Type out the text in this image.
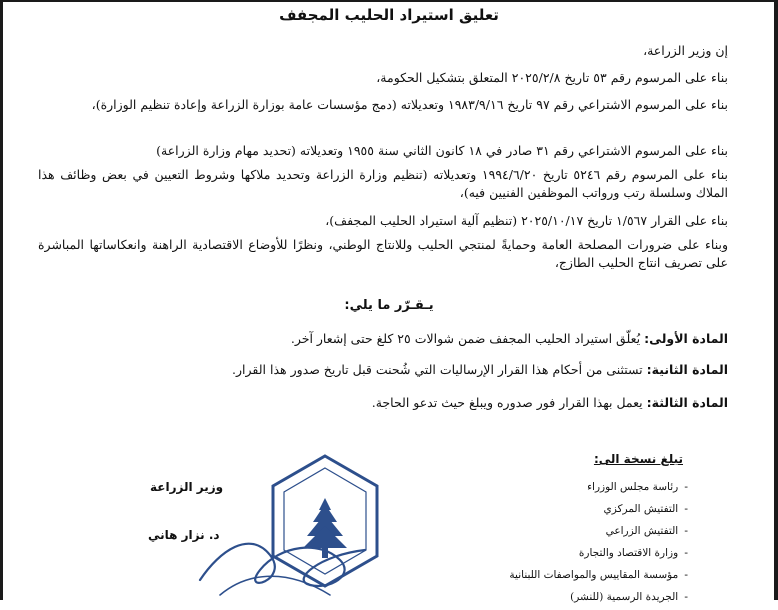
تعليق استيراد الحليب المجفف
إن وزير الزراعة،
بناء على المرسوم رقم ٥٣ تاريخ ٢٠٢٥/٢/٨ المتعلق بتشكيل الحكومة،
بناء على المرسوم الاشتراعي رقم ٩٧ تاريخ ١٩٨٣/٩/١٦ وتعديلاته (دمج مؤسسات عامة بوزارة الزراعة وإعادة تنظيم الوزارة)،
بناء على المرسوم الاشتراعي رقم ٣١ صادر في ١٨ كانون الثاني سنة ١٩٥٥ وتعديلاته (تحديد مهام وزارة الزراعة)
بناء على المرسوم رقم ٥٢٤٦ تاريخ ١٩٩٤/٦/٢٠ وتعديلاته (تنظيم وزارة الزراعة وتحديد ملاكها وشروط التعيين في بعض وظائف هذا الملاك وسلسلة رتب ورواتب الموظفين الفنيين فيه)،
بناء على القرار ١/٥٦٧ تاريخ ٢٠٢٥/١٠/١٧ (تنظيم آلية استيراد الحليب المجفف)،
وبناء على ضرورات المصلحة العامة وحمايةً لمنتجي الحليب وللانتاج الوطني، ونظرًا للأوضاع الاقتصادية الراهنة وانعكاساتها المباشرة على تصريف انتاج الحليب الطازج،
يـقـرّر ما يلي:
المادة الأولى: يُعلّق استيراد الحليب المجفف ضمن شوالات ٢٥ كلغ حتى إشعار آخر.
المادة الثانية: تستثنى من أحكام هذا القرار الإرساليات التي شُحنت قبل تاريخ صدور هذا القرار.
المادة الثالثة: يعمل بهذا القرار فور صدوره ويبلغ حيث تدعو الحاجة.
تبلغ نسخة الى:
-رئاسة مجلس الوزراء
-التفتيش المركزي
-التفتيش الزراعي
-وزارة الاقتصاد والتجارة
-مؤسسة المقاييس والمواصفات اللبنانية
-الجريدة الرسمية (للنشر)
وزير الزراعة
د. نزار هاني
